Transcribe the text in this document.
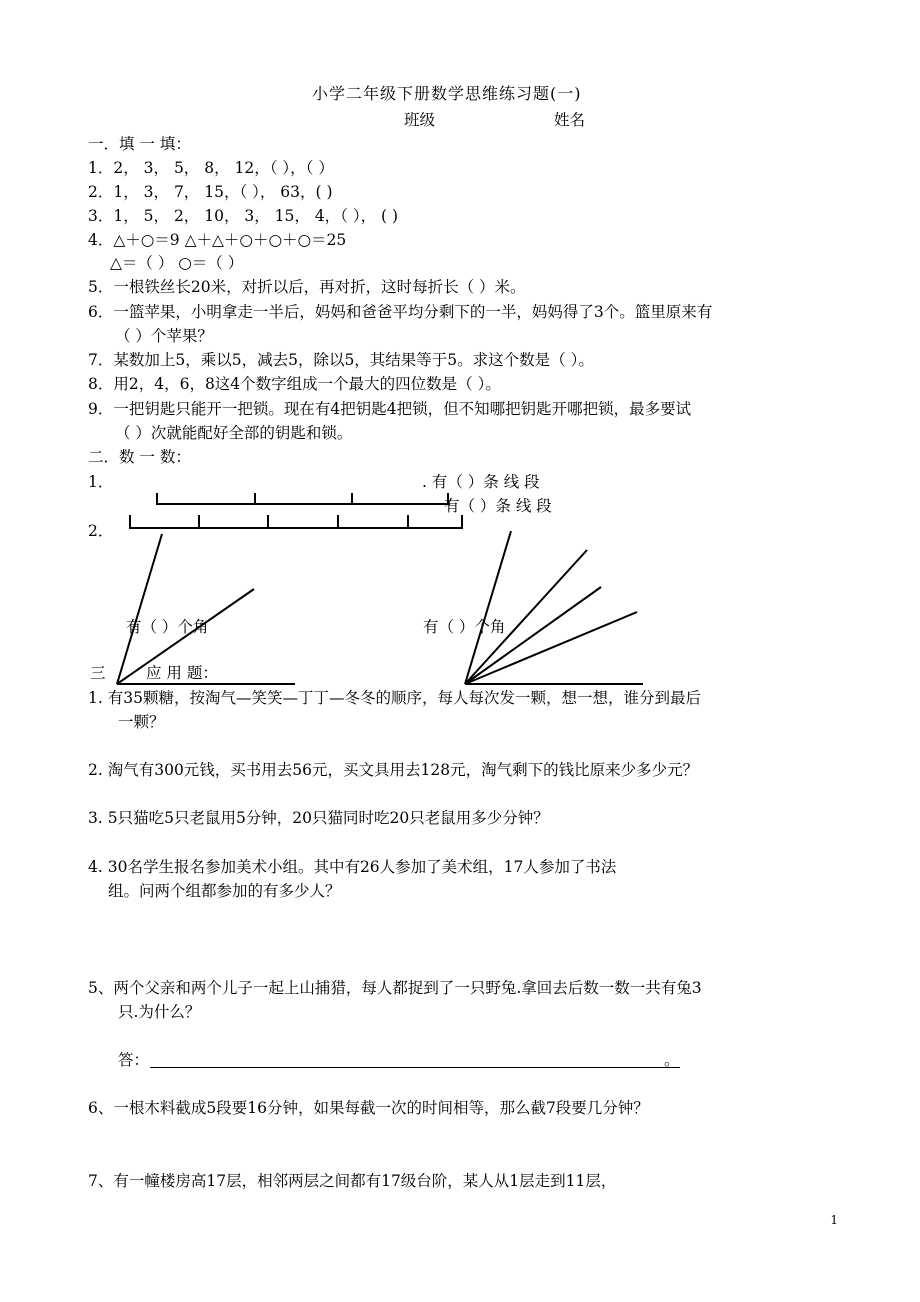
小学二年级下册数学思维练习题(一)
班级	姓名
一．填 一 填：
1．2， 3， 5， 8， 12，（ ），（ ）
2．1， 3， 7， 15，（ ）， 63，( )
3．1， 5， 2， 10， 3， 15， 4，（ ）， ( )
4．△＋○＝9 △＋△＋○＋○＋○＝25
△＝（ ） ○＝（ ）
5．一根铁丝长20米，对折以后，再对折，这时每折长（ ）米。
6．一篮苹果，小明拿走一半后，妈妈和爸爸平均分剩下的一半，妈妈得了3个。篮里原来有
（ ）个苹果？
7．某数加上5，乘以5，减去5，除以5，其结果等于5。求这个数是（ ）。
8．用2，4，6，8这4个数字组成一个最大的四位数是（ ）。
9．一把钥匙只能开一把锁。现在有4把钥匙4把锁，但不知哪把钥匙开哪把锁，最多要试
（ ）次就能配好全部的钥匙和锁。
二．数 一 数：
1．	. 有（ ）条 线 段
有（ ）条 线 段
2．
有（ ）个角	有（ ）个角
三	应 用 题：
1. 有35颗糖，按淘气—笑笑—丁丁—冬冬的顺序，每人每次发一颗，想一想，谁分到最后
一颗？
2. 淘气有300元钱，买书用去56元，买文具用去128元，淘气剩下的钱比原来少多少元？
3. 5只猫吃5只老鼠用5分钟，20只猫同时吃20只老鼠用多少分钟？
4. 30名学生报名参加美术小组。其中有26人参加了美术组，17人参加了书法
组。问两个组都参加的有多少人？
5、两个父亲和两个儿子一起上山捕猎，每人都捉到了一只野兔.拿回去后数一数一共有兔3
只.为什么？
答：	。
6、一根木料截成5段要16分钟，如果每截一次的时间相等，那么截7段要几分钟？
7、有一幢楼房高17层，相邻两层之间都有17级台阶，某人从1层走到11层，
1
